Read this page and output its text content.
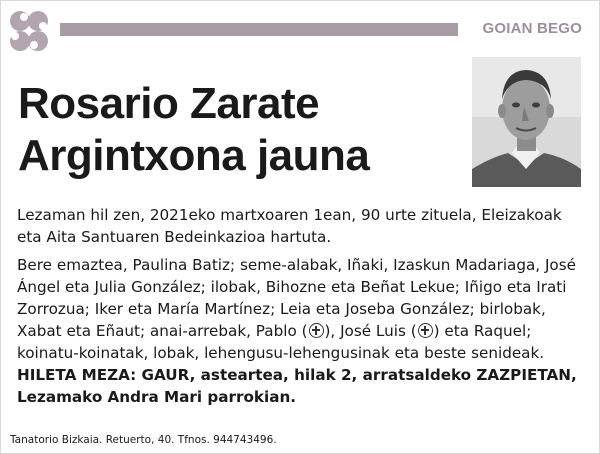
GOIAN BEGO
Rosario Zarate
Argintxona jauna

Lezaman hil zen, 2021eko martxoaren 1ean, 90 urte zituela, Eleizakoak eta Aita Santuaren Bedeinkazioa hartuta.

Bere emaztea, Paulina Batiz; seme-alabak, Iñaki, Izaskun Madariaga, José Ángel eta Julia González; ilobak, Bihozne eta Beñat Lekue; Iñigo eta Irati Zorrozua; Iker eta María Martínez; Leia eta Joseba González; birlobak, Xabat eta Eñaut; anai-arrebak, Pablo ( ), José Luis ( ) eta Raquel; koinatu-koinatak, lobak, lehengusu-lehengusinak eta beste senideak.

HILETA MEZA: GAUR, asteartea, hilak 2, arratsaldeko ZAZPIETAN, Lezamako Andra Mari parrokian.

Tanatorio Bizkaia. Retuerto, 40. Tfnos. 944743496.
